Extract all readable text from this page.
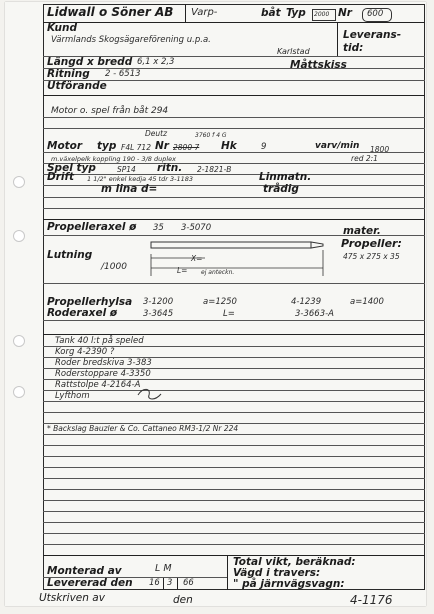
Lidwall o Söner AB Varp-	båt Typ 2000 Nr 600
Kund
Värmlands Skogsägareförening u.p.a.
Karlstad
Leverans-
tid:
Längd x bredd 6,1 x 2,3	Måttskiss
Ritning 2 - 6513
Utförande
Motor o. spel från båt 294
Deutz	3760 f 4 G
Motor typ F4L 712 Nr 2800 7 Hk	9	varv/min 1800
m.växelpelk koppling 190 - 3/8 duplex	red 2:1
Spel typ	SP14 ritn. 2-1821-B
Drift 1 1/2" enkel kedja 45 tdr 3-1183	Linmatn.
m lina d=	trådig
Propelleraxel ø 35 3-5070	mater.
Propeller:
475 x 275 x 35
Lutning
/1000
X=
L= ej anteckn.
Propellerhylsa 3-1200	a=1250	4-1239	a=1400
Roderaxel ø	3-3645	L=	3-3663-A
Tank 40 l:t på speled
Korg 4-2390 ?
Roder bredskiva 3-383
Roderstoppare 4-3350
Rattstolpe 4-2164-A
Lyfthom
* Backslag Bauzler & Co. Cattaneo RM3-1/2 Nr 224
Total vikt, beräknad:
Vägd i travers:
" på järnvägsvagn:
Monterad av	L M
Levererad den 16 3 66
Utskriven av	den	4-1176
